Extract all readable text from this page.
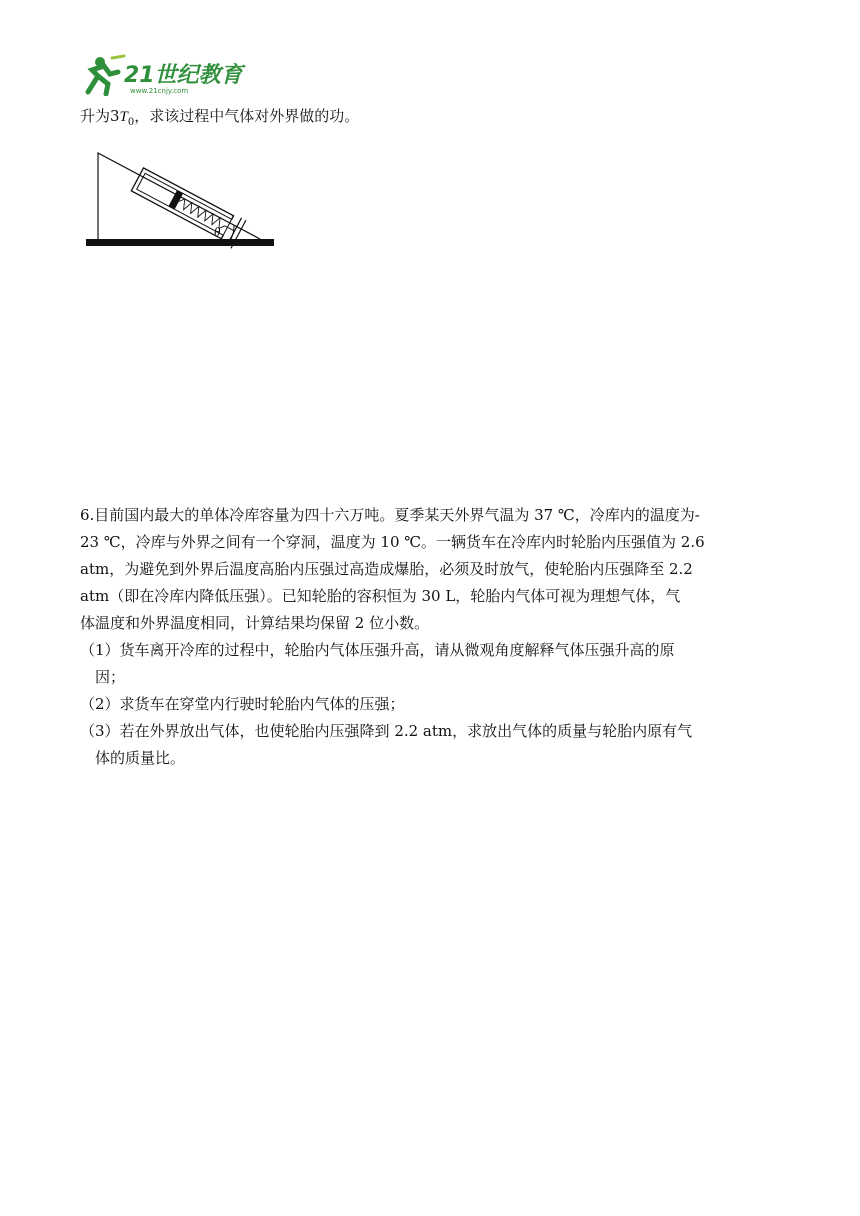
21世纪教育
www.21cnjy.com
升为$3T_0$，求该过程中气体对外界做的功。
θ

6.目前国内最大的单体冷库容量为四十六万吨。夏季某天外界气温为 37 ℃，冷库内的温度为-

23 ℃，冷库与外界之间有一个穿洞，温度为 10 ℃。一辆货车在冷库内时轮胎内压强值为 2.6

atm，为避免到外界后温度高胎内压强过高造成爆胎，必须及时放气，使轮胎内压强降至 2.2

atm（即在冷库内降低压强）。已知轮胎的容积恒为 30 L，轮胎内气体可视为理想气体，气

体温度和外界温度相同，计算结果均保留 2 位小数。

（1）货车离开冷库的过程中，轮胎内气体压强升高，请从微观角度解释气体压强升高的原

因；

（2）求货车在穿堂内行驶时轮胎内气体的压强；

（3）若在外界放出气体，也使轮胎内压强降到 2.2 atm，求放出气体的质量与轮胎内原有气

体的质量比。
